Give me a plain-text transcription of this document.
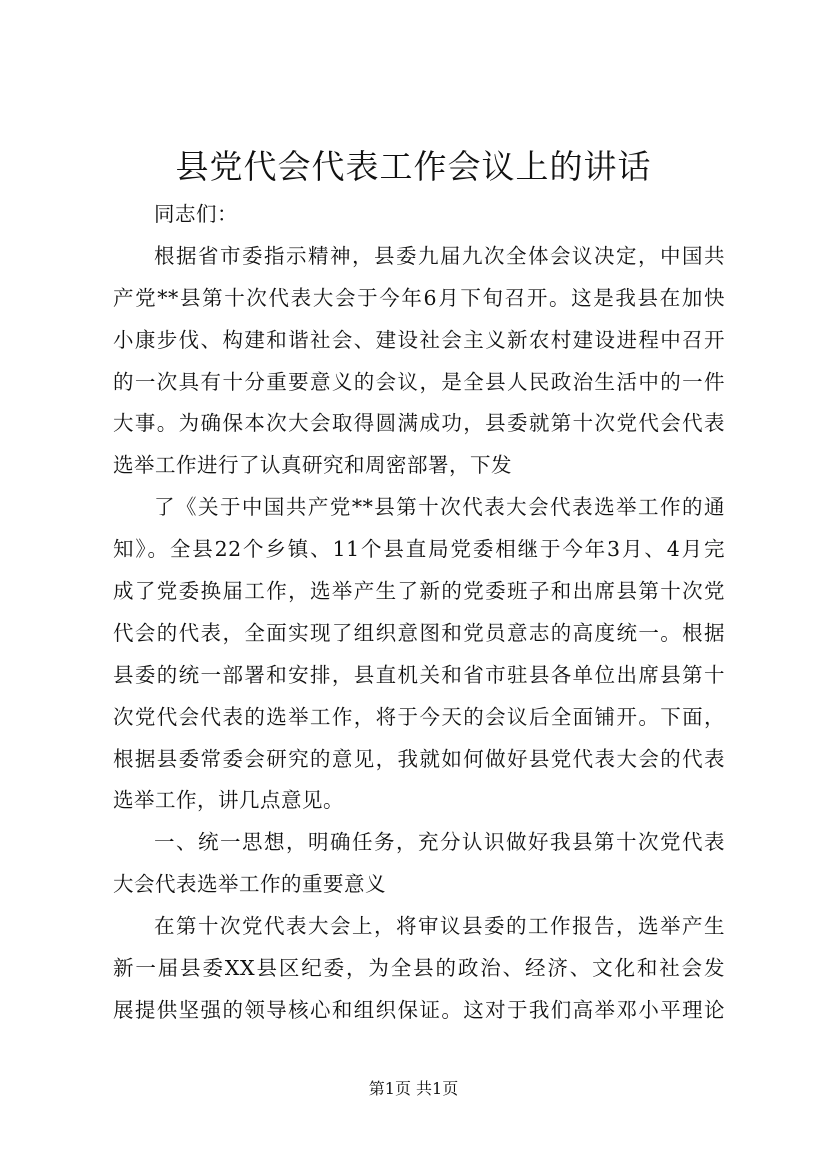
县党代会代表工作会议上的讲话
同志们：
根据省市委指示精神，县委九届九次全体会议决定，中国共
产党**县第十次代表大会于今年6月下旬召开。这是我县在加快
小康步伐、构建和谐社会、建设社会主义新农村建设进程中召开
的一次具有十分重要意义的会议，是全县人民政治生活中的一件
大事。为确保本次大会取得圆满成功，县委就第十次党代会代表
选举工作进行了认真研究和周密部署，下发
了《关于中国共产党**县第十次代表大会代表选举工作的通
知》。全县22个乡镇、11个县直局党委相继于今年3月、4月完
成了党委换届工作，选举产生了新的党委班子和出席县第十次党
代会的代表，全面实现了组织意图和党员意志的高度统一。根据
县委的统一部署和安排，县直机关和省市驻县各单位出席县第十
次党代会代表的选举工作，将于今天的会议后全面铺开。下面，
根据县委常委会研究的意见，我就如何做好县党代表大会的代表
选举工作，讲几点意见。
一、统一思想，明确任务，充分认识做好我县第十次党代表
大会代表选举工作的重要意义
在第十次党代表大会上，将审议县委的工作报告，选举产生
新一届县委XX县区纪委，为全县的政治、经济、文化和社会发
展提供坚强的领导核心和组织保证。这对于我们高举邓小平理论
第1页 共1页
